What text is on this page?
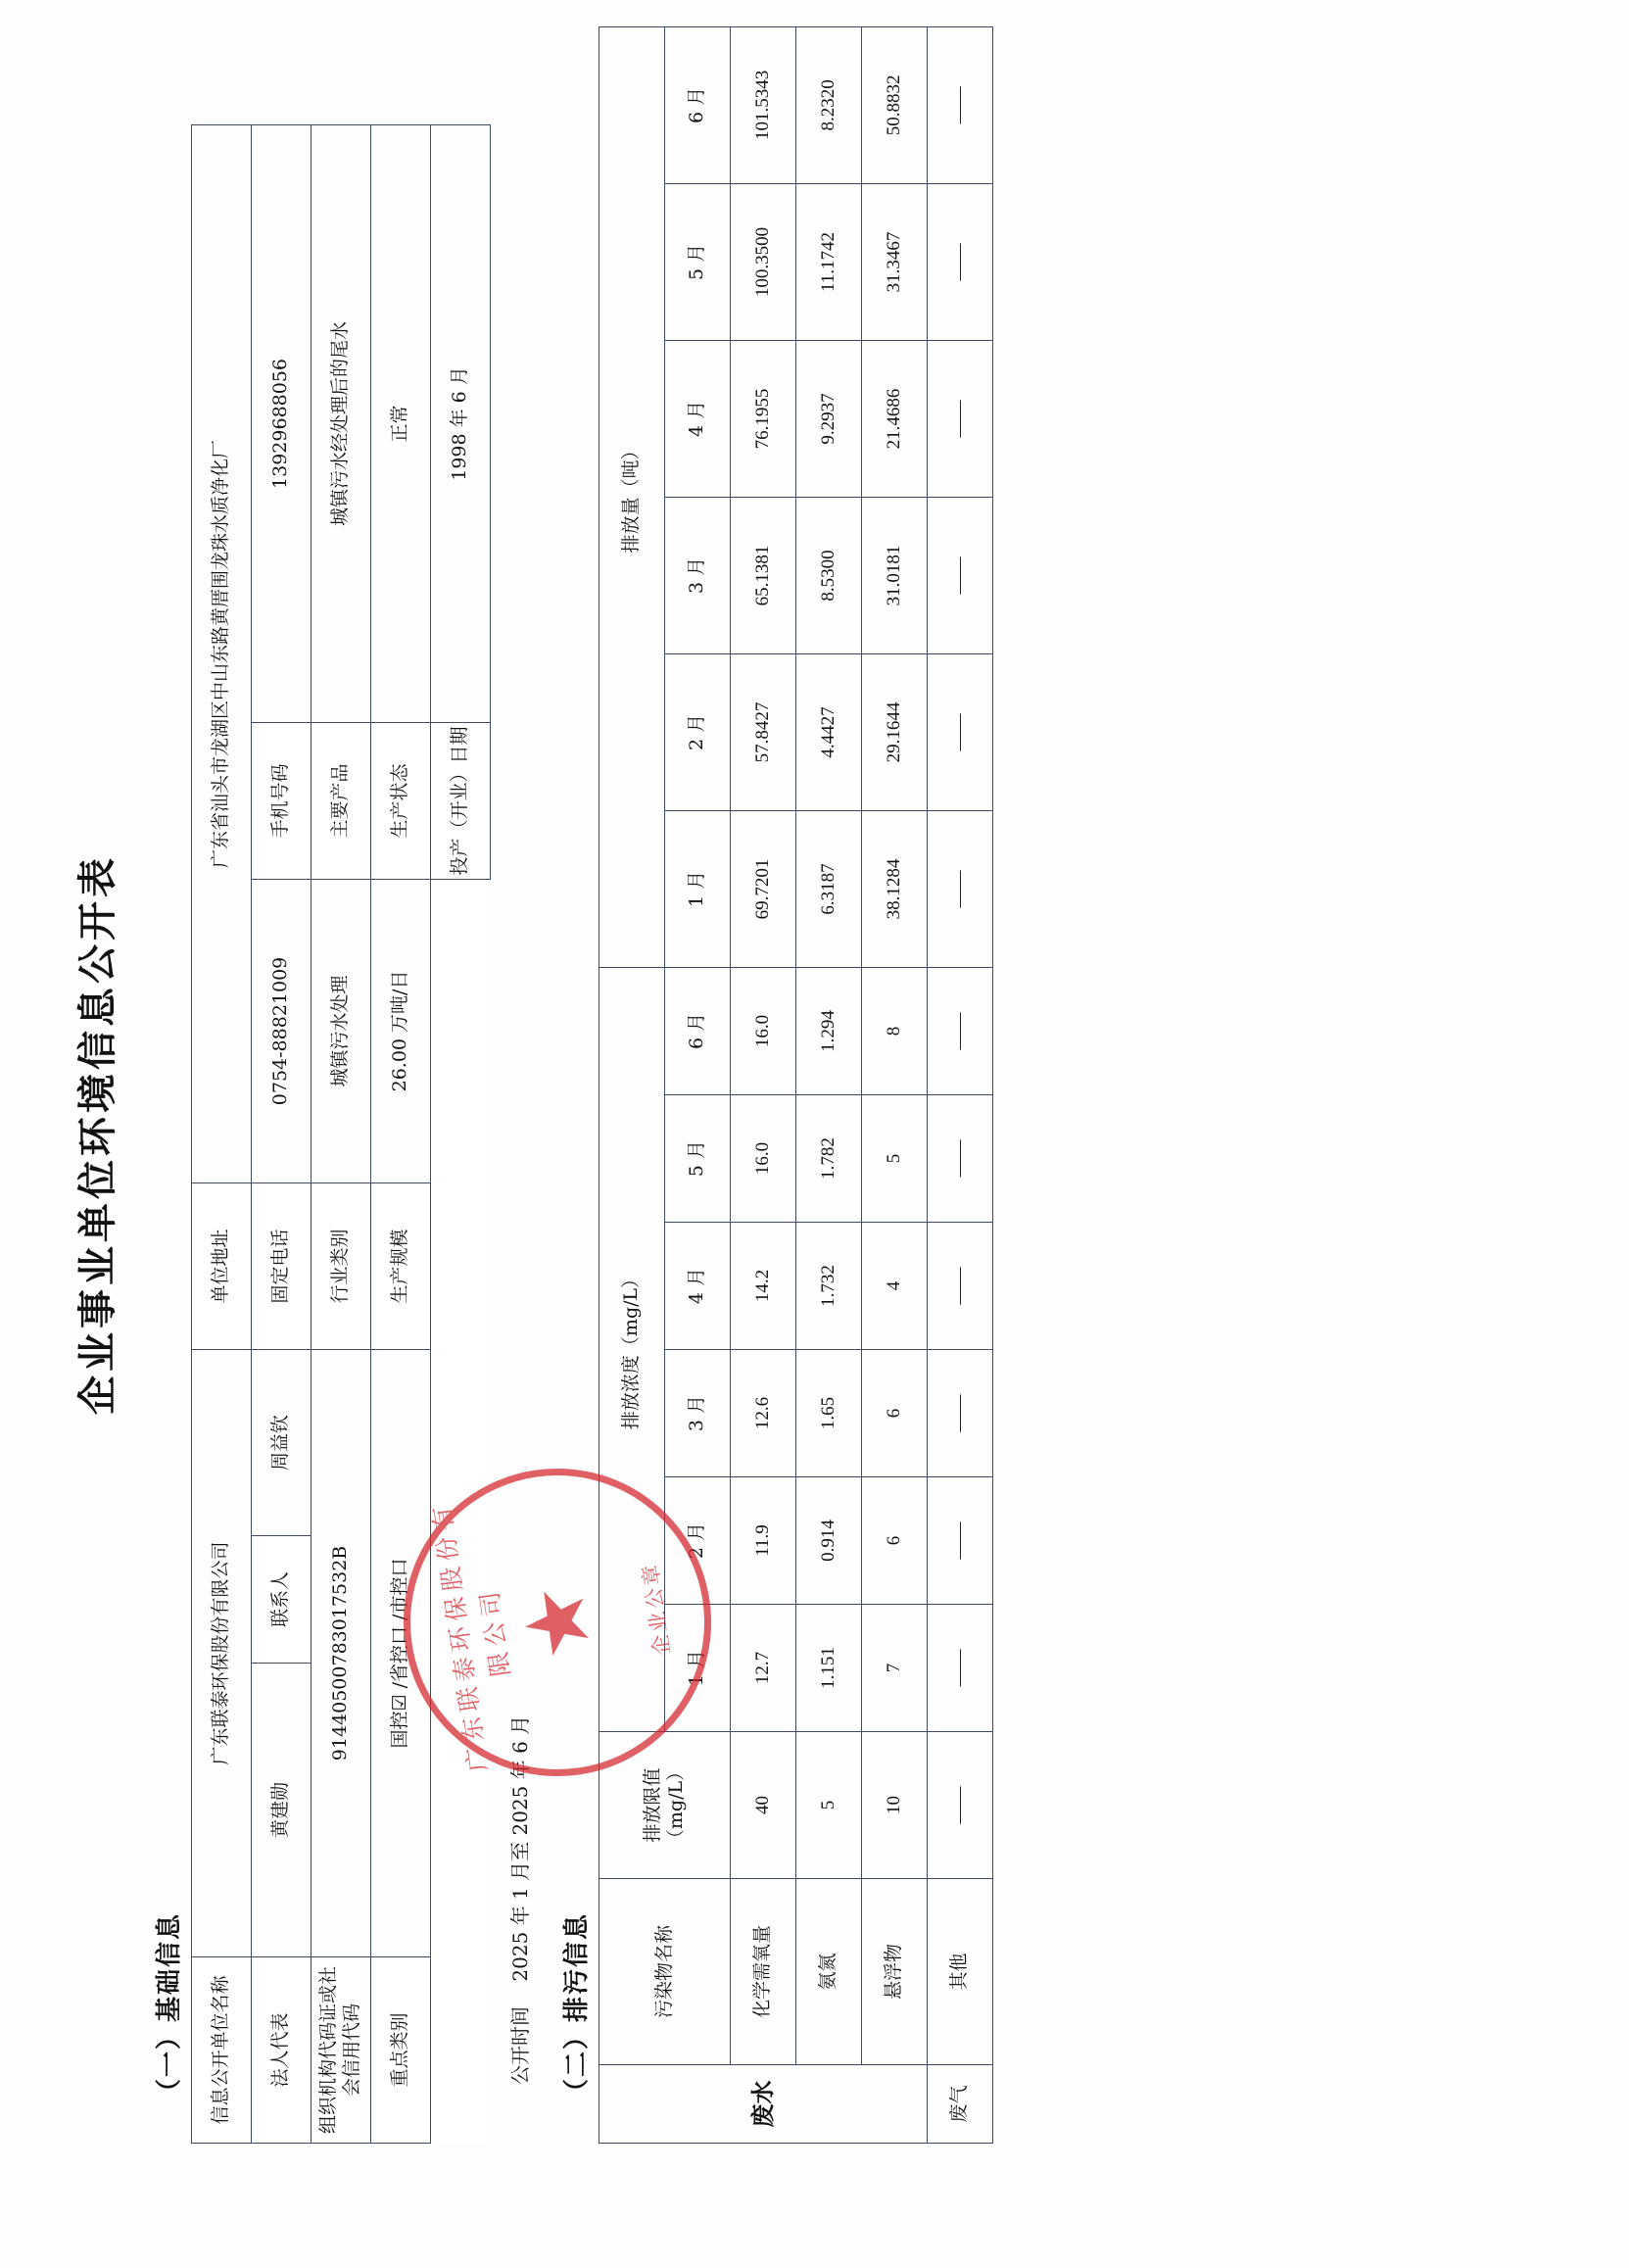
企业事业单位环境信息公开表
（一）基础信息 信息公开单位名称	广东联泰环保股份有限公司			单位地址	广东省汕头市龙湖区中山东路黄厝围龙珠水质净化厂		
法人代表	黄建勋	联系人	周益钦	固定电话	0754-88821009	手机号码	13929688056
组织机构代码证或社会信用代码	91440500783017532B			行业类别	城镇污水处理	主要产品	城镇污水经处理后的尾水
重点类别	国控☑ /省控口 /市控口			生产规模	26.00 万吨/日	生产状态	正常
						投产（开业）日期	1998 年 6 月
公开时间    2025 年 1 月至 2025 年 6 月
（二）排污信息	废水	污染物名称	排放限值（mg/L）	排放浓度（mg/L）						排放量（吨）					
			1 月	2 月	3 月	4 月	5 月	6 月	1 月	2 月	3 月	4 月	5 月	6 月
	化学需氧量	40	12.7	11.9	12.6	14.2	16.0	16.0	69.7201	57.8427	65.1381	76.1955	100.3500	101.5343
	氨氮	5	1.151	0.914	1.65	1.732	1.782	1.294	6.3187	4.4427	8.5300	9.2937	11.1742	8.2320
	悬浮物	10	7	6	6	4	5	8	38.1284	29.1644	31.0181	21.4686	31.3467	50.8832
废气	其他	——	——	——	——	——	——	——	——	——	——	——	——	——
广东联泰环保股份有限公司
★	企业公章
